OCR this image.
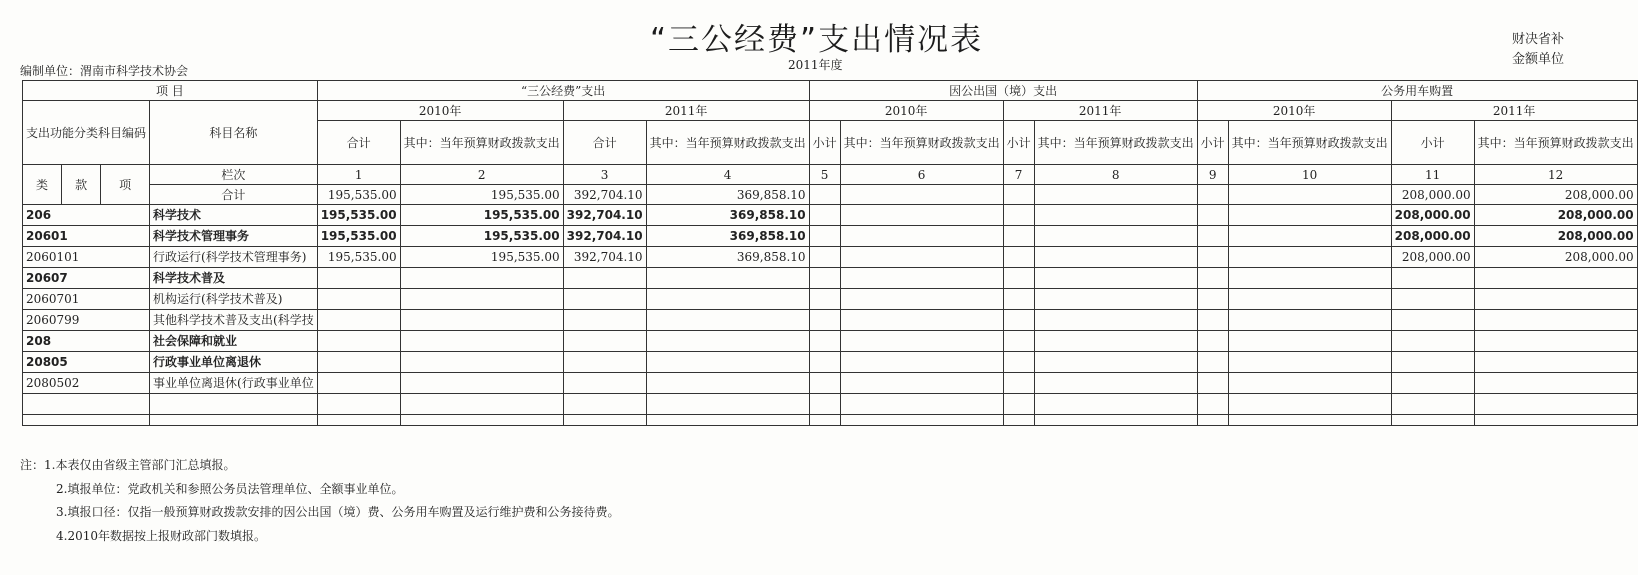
“三公经费”支出情况表
2011年度
编制单位：渭南市科学技术协会
财决省补
金额单位
项 目				“三公经费”支出				因公出国（境）支出				公务用车购置			
支出功能分类科目编码			科目名称	2010年		2011年		2010年		2011年		2010年		2011年	
				合计	其中：当年预算财政拨款支出	合计	其中：当年预算财政拨款支出	小计	其中：当年预算财政拨款支出	小计	其中：当年预算财政拨款支出	小计	其中：当年预算财政拨款支出	小计	其中：当年预算财政拨款支出
类	款	项	栏次	1	2	3	4	5	6	7	8	9	10	11	12
			合计	195,535.00	195,535.00	392,704.10	369,858.10							208,000.00	208,000.00
206			科学技术	195,535.00	195,535.00	392,704.10	369,858.10							208,000.00	208,000.00
20601			科学技术管理事务	195,535.00	195,535.00	392,704.10	369,858.10							208,000.00	208,000.00
2060101			行政运行(科学技术管理事务)	195,535.00	195,535.00	392,704.10	369,858.10							208,000.00	208,000.00
20607			科学技术普及												
2060701			机构运行(科学技术普及)												
2060799			其他科学技术普及支出(科学技												
208			社会保障和就业												
20805			行政事业单位离退休												
2080502			事业单位离退休(行政事业单位												

注：1.本表仅由省级主管部门汇总填报。
2.填报单位：党政机关和参照公务员法管理单位、全额事业单位。
3.填报口径：仅指一般预算财政拨款安排的因公出国（境）费、公务用车购置及运行维护费和公务接待费。
4.2010年数据按上报财政部门数填报。
